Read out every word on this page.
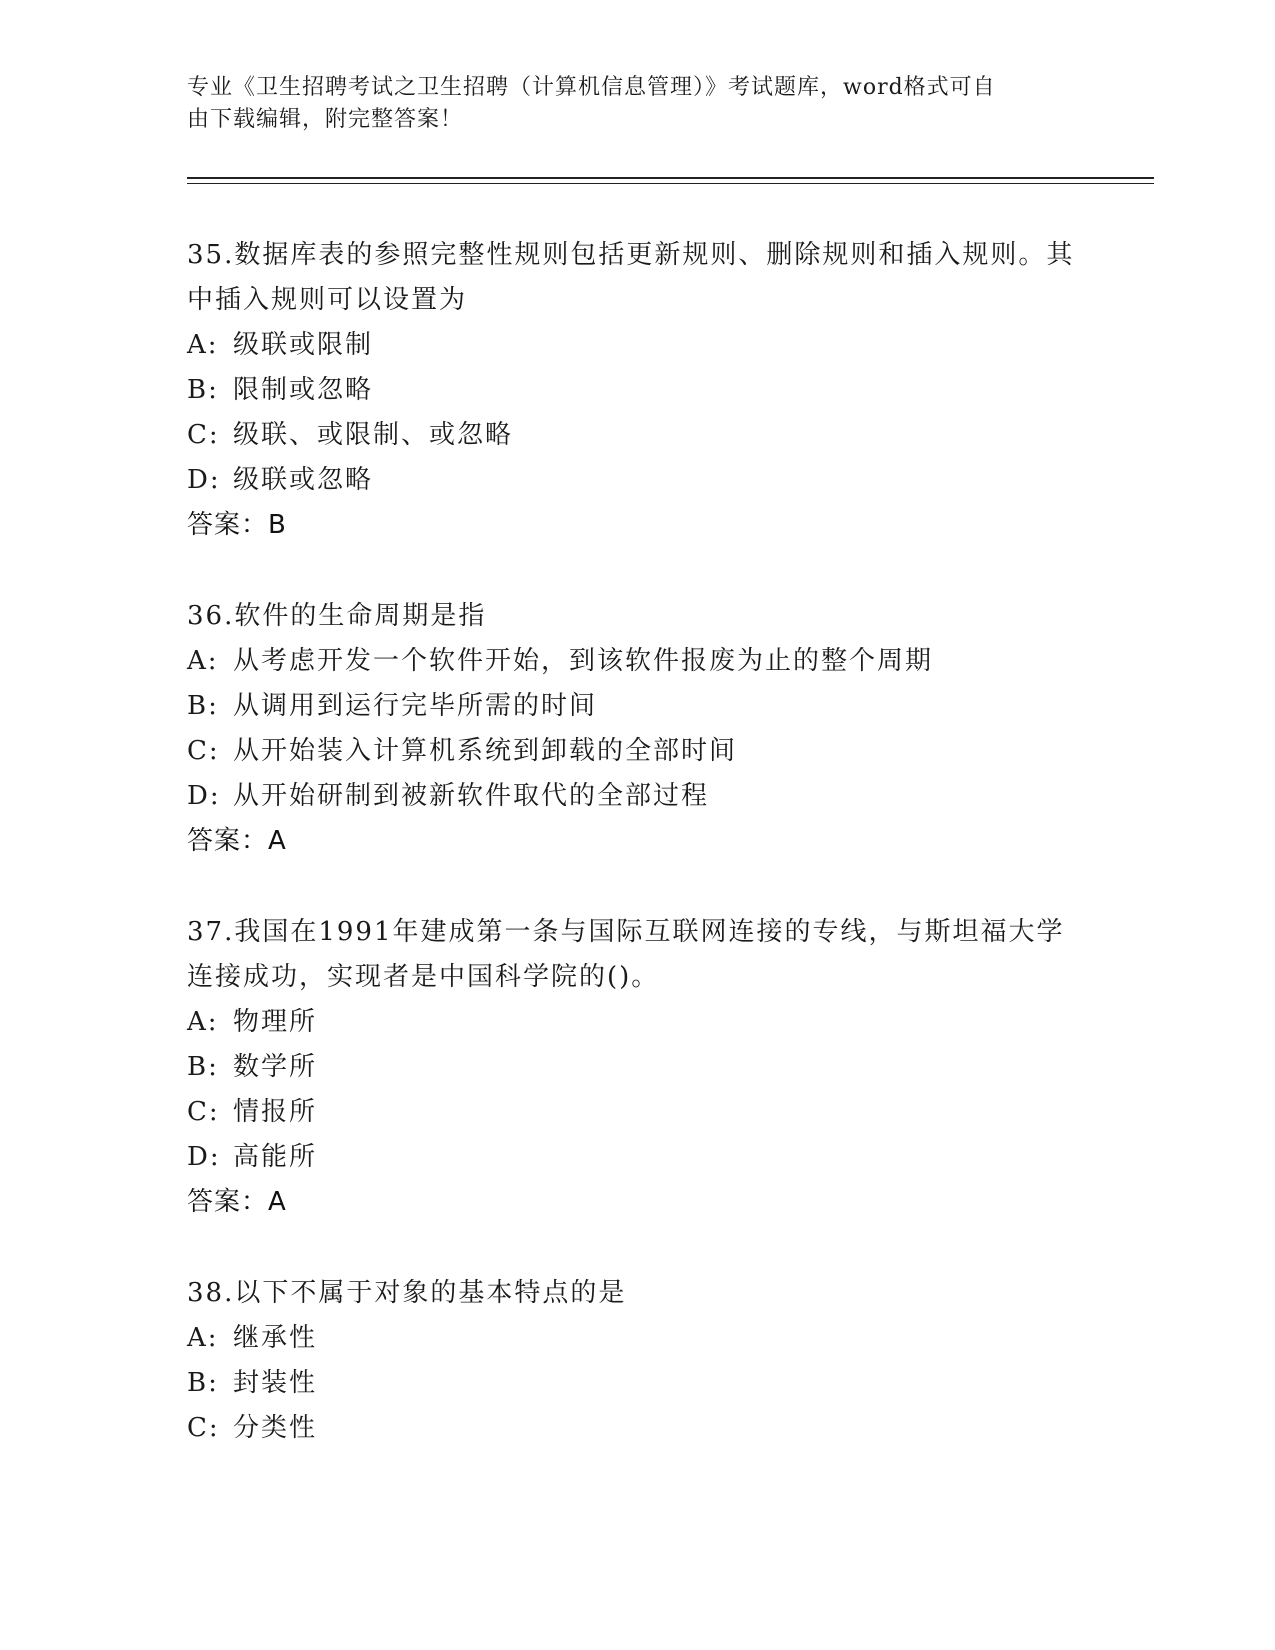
专业《卫生招聘考试之卫生招聘（计算机信息管理）》考试题库，word格式可自
由下载编辑，附完整答案！

35.数据库表的参照完整性规则包括更新规则、删除规则和插入规则。其中插入规则可以设置为

A: 级联或限制
B: 限制或忽略
C: 级联、或限制、或忽略
D: 级联或忽略
答案：B

36.软件的生命周期是指

A: 从考虑开发一个软件开始，到该软件报废为止的整个周期
B: 从调用到运行完毕所需的时间
C: 从开始装入计算机系统到卸载的全部时间
D: 从开始研制到被新软件取代的全部过程
答案：A

37.我国在1991年建成第一条与国际互联网连接的专线，与斯坦福大学连接成功，实现者是中国科学院的()。

A: 物理所
B: 数学所
C: 情报所
D: 高能所
答案：A

38.以下不属于对象的基本特点的是

A: 继承性
B: 封装性
C: 分类性
